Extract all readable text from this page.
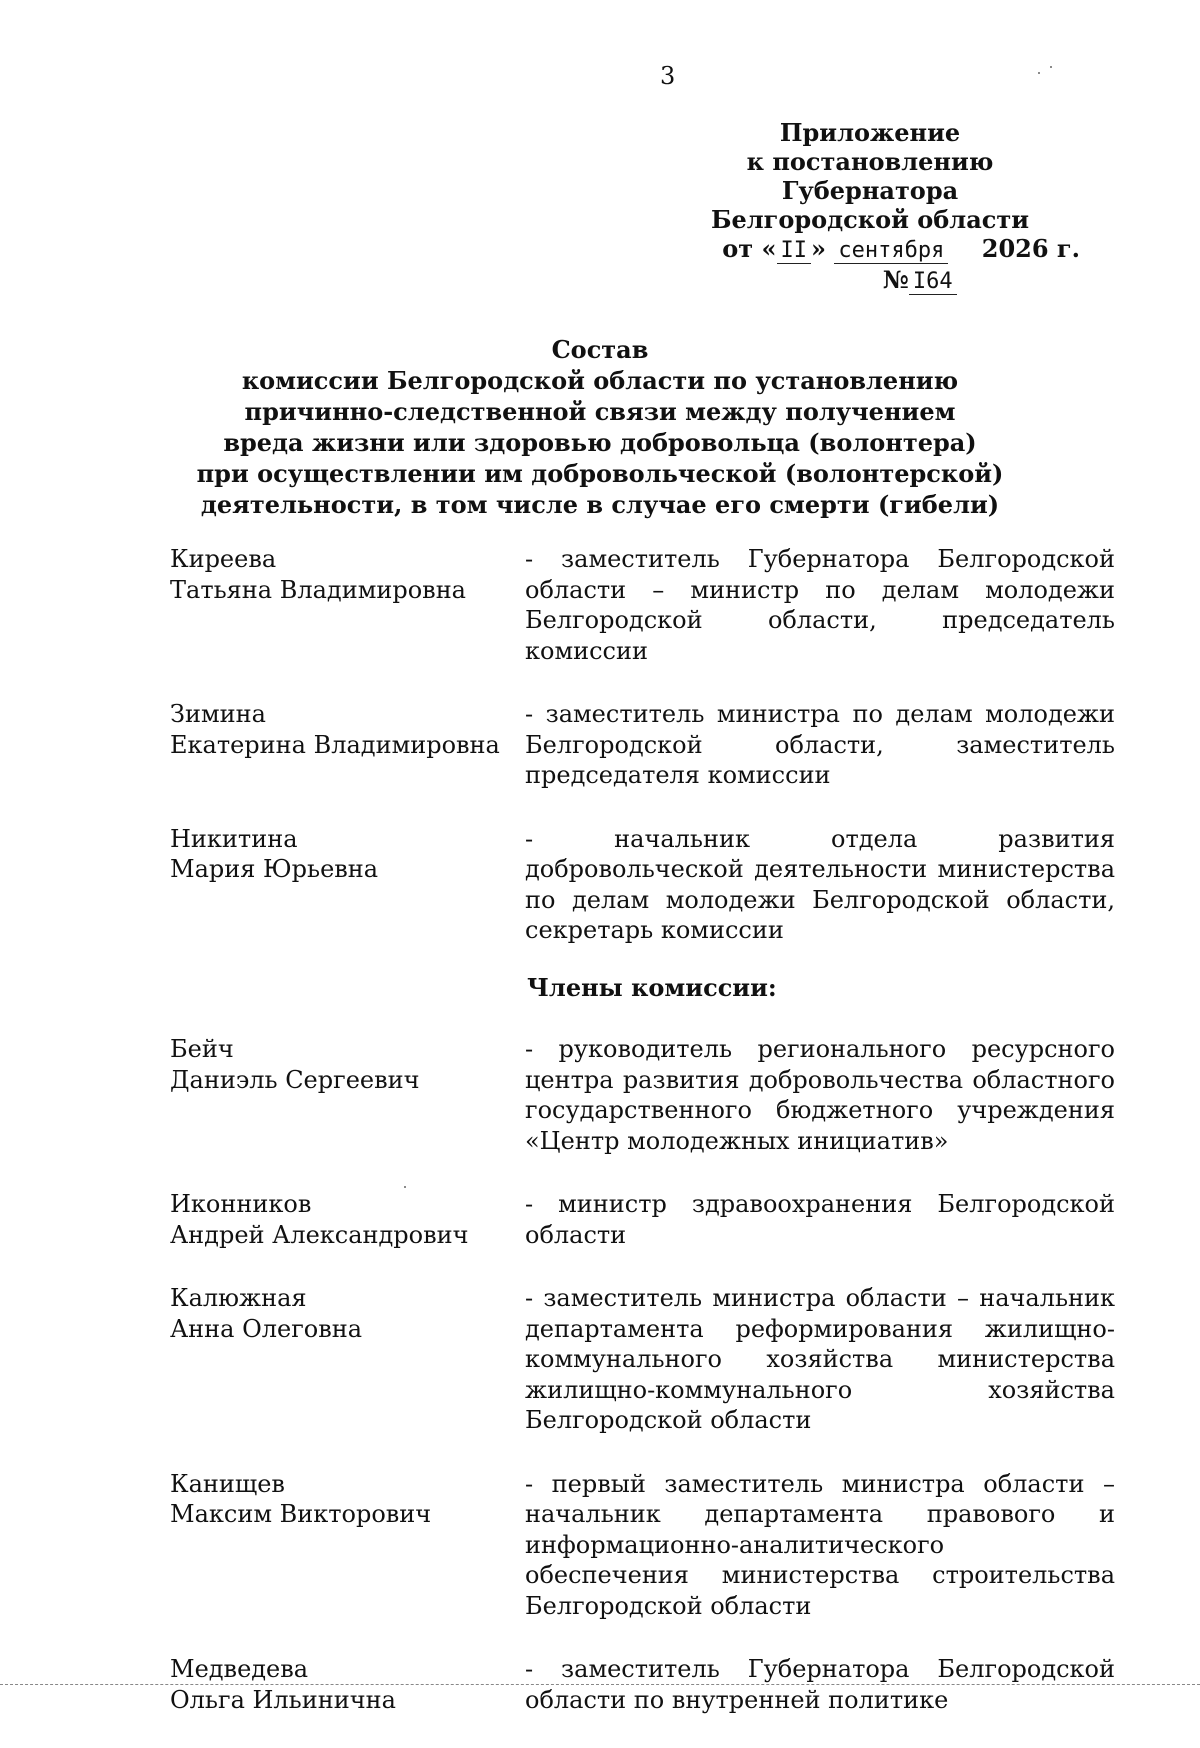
3
Приложение
к постановлению Губернатора
Белгородской области
от « II » сентября 2026 г.
№ I64
Состав
комиссии Белгородской области по установлению
причинно-следственной связи между получением
вреда жизни или здоровью добровольца (волонтера)
при осуществлении им добровольческой (волонтерской)
деятельности, в том числе в случае его смерти (гибели)
Киреева
Татьяна Владимировна
- заместитель Губернатора Белгородской области – министр по делам молодежи Белгородской области, председатель комиссии
Зимина
Екатерина Владимировна
- заместитель министра по делам молодежи Белгородской области, заместитель председателя комиссии
Никитина
Мария Юрьевна
- начальник отдела развития добровольческой деятельности министерства по делам молодежи Белгородской области, секретарь комиссии
Члены комиссии:
Бейч
Даниэль Сергеевич
- руководитель регионального ресурсного центра развития добровольчества областного государственного бюджетного учреждения «Центр молодежных инициатив»
Иконников
Андрей Александрович
- министр здравоохранения Белгородской области
Калюжная
Анна Олеговна
- заместитель министра области – начальник департамента реформирования жилищно-коммунального хозяйства министерства жилищно-коммунального хозяйства Белгородской области
Канищев
Максим Викторович
- первый заместитель министра области – начальник департамента правового и информационно-аналитического обеспечения министерства строительства Белгородской области
Медведева
Ольга Ильинична
- заместитель Губернатора Белгородской области по внутренней политике
